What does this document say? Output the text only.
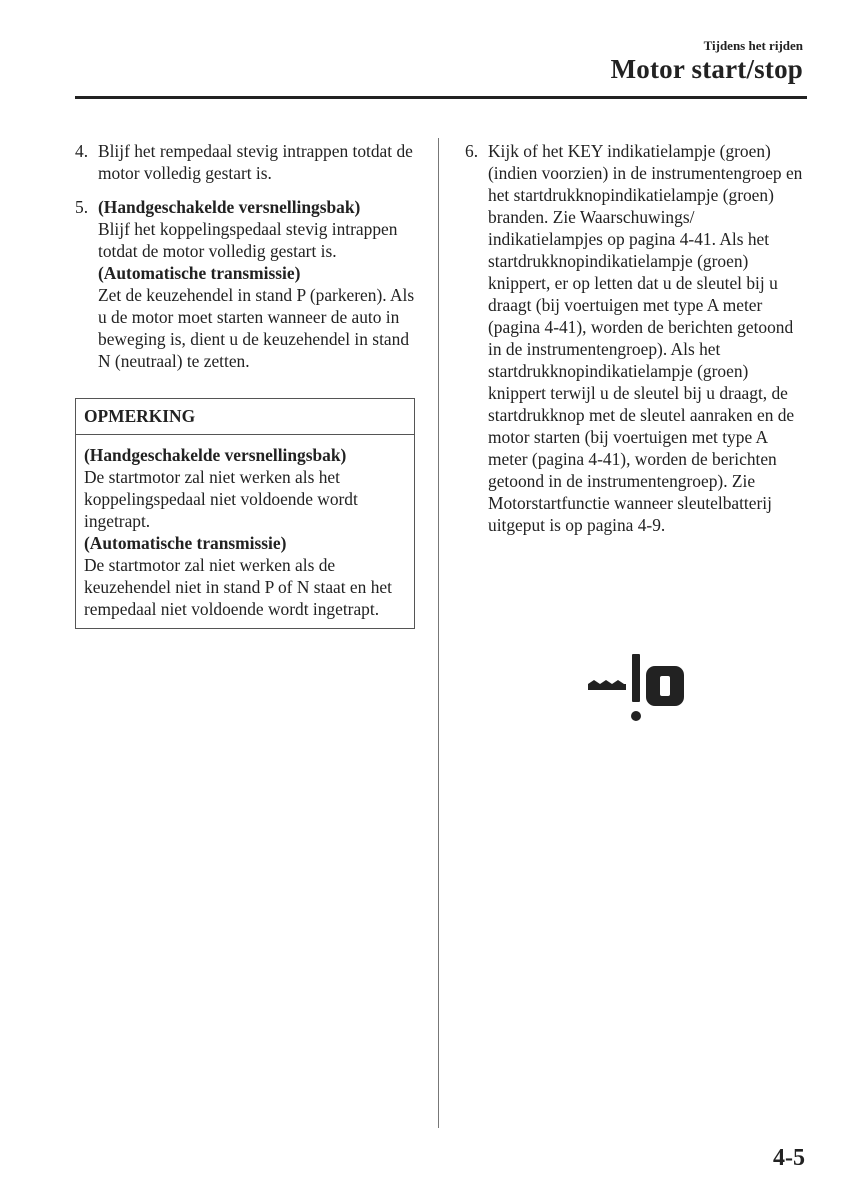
Tijdens het rijden
Motor start/stop
4. Blijf het rempedaal stevig intrappen totdat de motor volledig gestart is.
5. (Handgeschakelde versnellingsbak)
Blijf het koppelingspedaal stevig intrappen totdat de motor volledig gestart is.
(Automatische transmissie)
Zet de keuzehendel in stand P (parkeren). Als u de motor moet starten wanneer de auto in beweging is, dient u de keuzehendel in stand N (neutraal) te zetten.
OPMERKING
(Handgeschakelde versnellingsbak)
De startmotor zal niet werken als het koppelingspedaal niet voldoende wordt ingetrapt.
(Automatische transmissie)
De startmotor zal niet werken als de keuzehendel niet in stand P of N staat en het rempedaal niet voldoende wordt ingetrapt.
6. Kijk of het KEY indikatielampje (groen) (indien voorzien) in de instrumentengroep en het startdrukknopindikatielampje (groen) branden. Zie Waarschuwings/ indikatielampjes op pagina 4-41. Als het startdrukknopindikatielampje (groen) knippert, er op letten dat u de sleutel bij u draagt (bij voertuigen met type A meter (pagina 4-41), worden de berichten getoond in de instrumentengroep). Als het startdrukknopindikatielampje (groen) knippert terwijl u de sleutel bij u draagt, de startdrukknop met de sleutel aanraken en de motor starten (bij voertuigen met type A meter (pagina 4-41), worden de berichten getoond in de instrumentengroep). Zie Motorstartfunctie wanneer sleutelbatterij uitgeput is op pagina 4-9.
4-5
